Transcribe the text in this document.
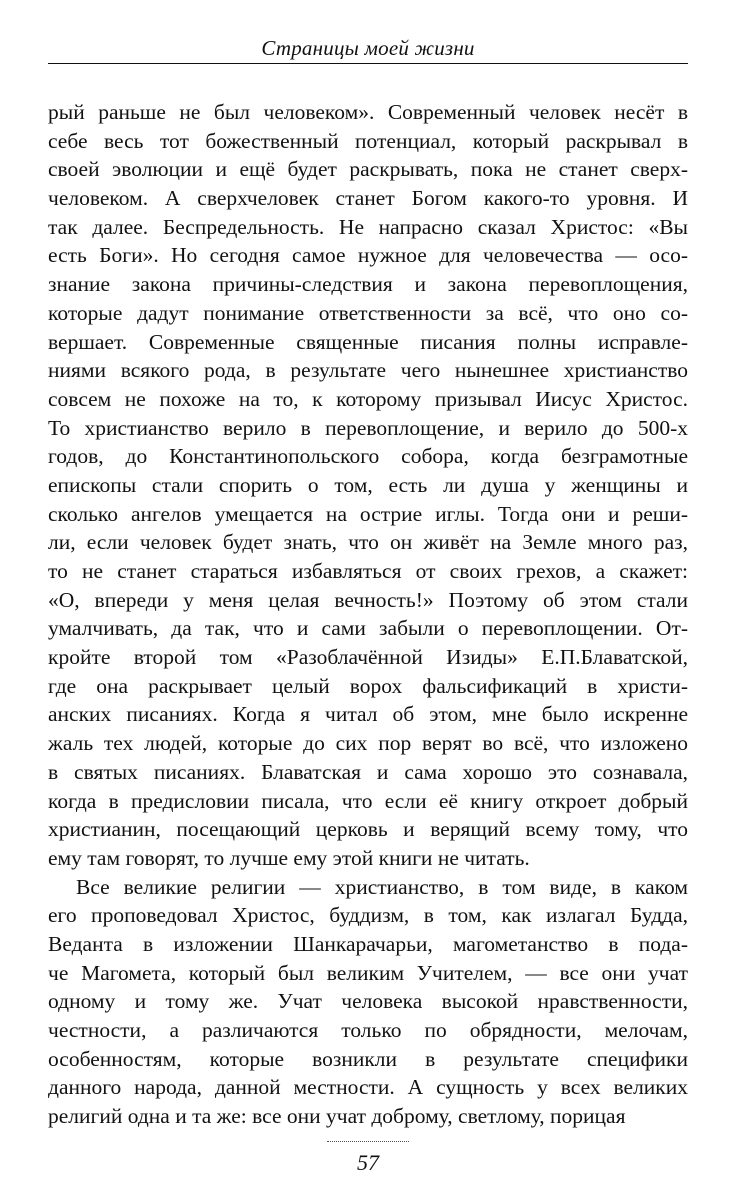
Страницы моей жизни
рый раньше не был человеком». Современный человек несёт в
себе весь тот божественный потенциал, который раскрывал в
своей эволюции и ещё будет раскрывать, пока не станет сверх-
человеком. А сверхчеловек станет Богом какого-то уровня. И
так далее. Беспредельность. Не напрасно сказал Христос: «Вы
есть Боги». Но сегодня самое нужное для человечества — осо-
знание закона причины-следствия и закона перевоплощения,
которые дадут понимание ответственности за всё, что оно со-
вершает. Современные священные писания полны исправле-
ниями всякого рода, в результате чего нынешнее христианство
совсем не похоже на то, к которому призывал Иисус Христос.
То христианство верило в перевоплощение, и верило до 500-х
годов, до Константинопольского собора, когда безграмотные
епископы стали спорить о том, есть ли душа у женщины и
сколько ангелов умещается на острие иглы. Тогда они и реши-
ли, если человек будет знать, что он живёт на Земле много раз,
то не станет стараться избавляться от своих грехов, а скажет:
«О, впереди у меня целая вечность!» Поэтому об этом стали
умалчивать, да так, что и сами забыли о перевоплощении. От-
кройте второй том «Разоблачённой Изиды» Е.П.Блаватской,
где она раскрывает целый ворох фальсификаций в христи-
анских писаниях. Когда я читал об этом, мне было искренне
жаль тех людей, которые до сих пор верят во всё, что изложено
в святых писаниях. Блаватская и сама хорошо это сознавала,
когда в предисловии писала, что если её книгу откроет добрый
христианин, посещающий церковь и верящий всему тому, что
ему там говорят, то лучше ему этой книги не читать.
Все великие религии — христианство, в том виде, в каком
его проповедовал Христос, буддизм, в том, как излагал Будда,
Веданта в изложении Шанкарачарьи, магометанство в пода-
че Магомета, который был великим Учителем, — все они учат
одному и тому же. Учат человека высокой нравственности,
честности, а различаются только по обрядности, мелочам,
особенностям, которые возникли в результате специфики
данного народа, данной местности. А сущность у всех великих
религий одна и та же: все они учат доброму, светлому, порицая
57
